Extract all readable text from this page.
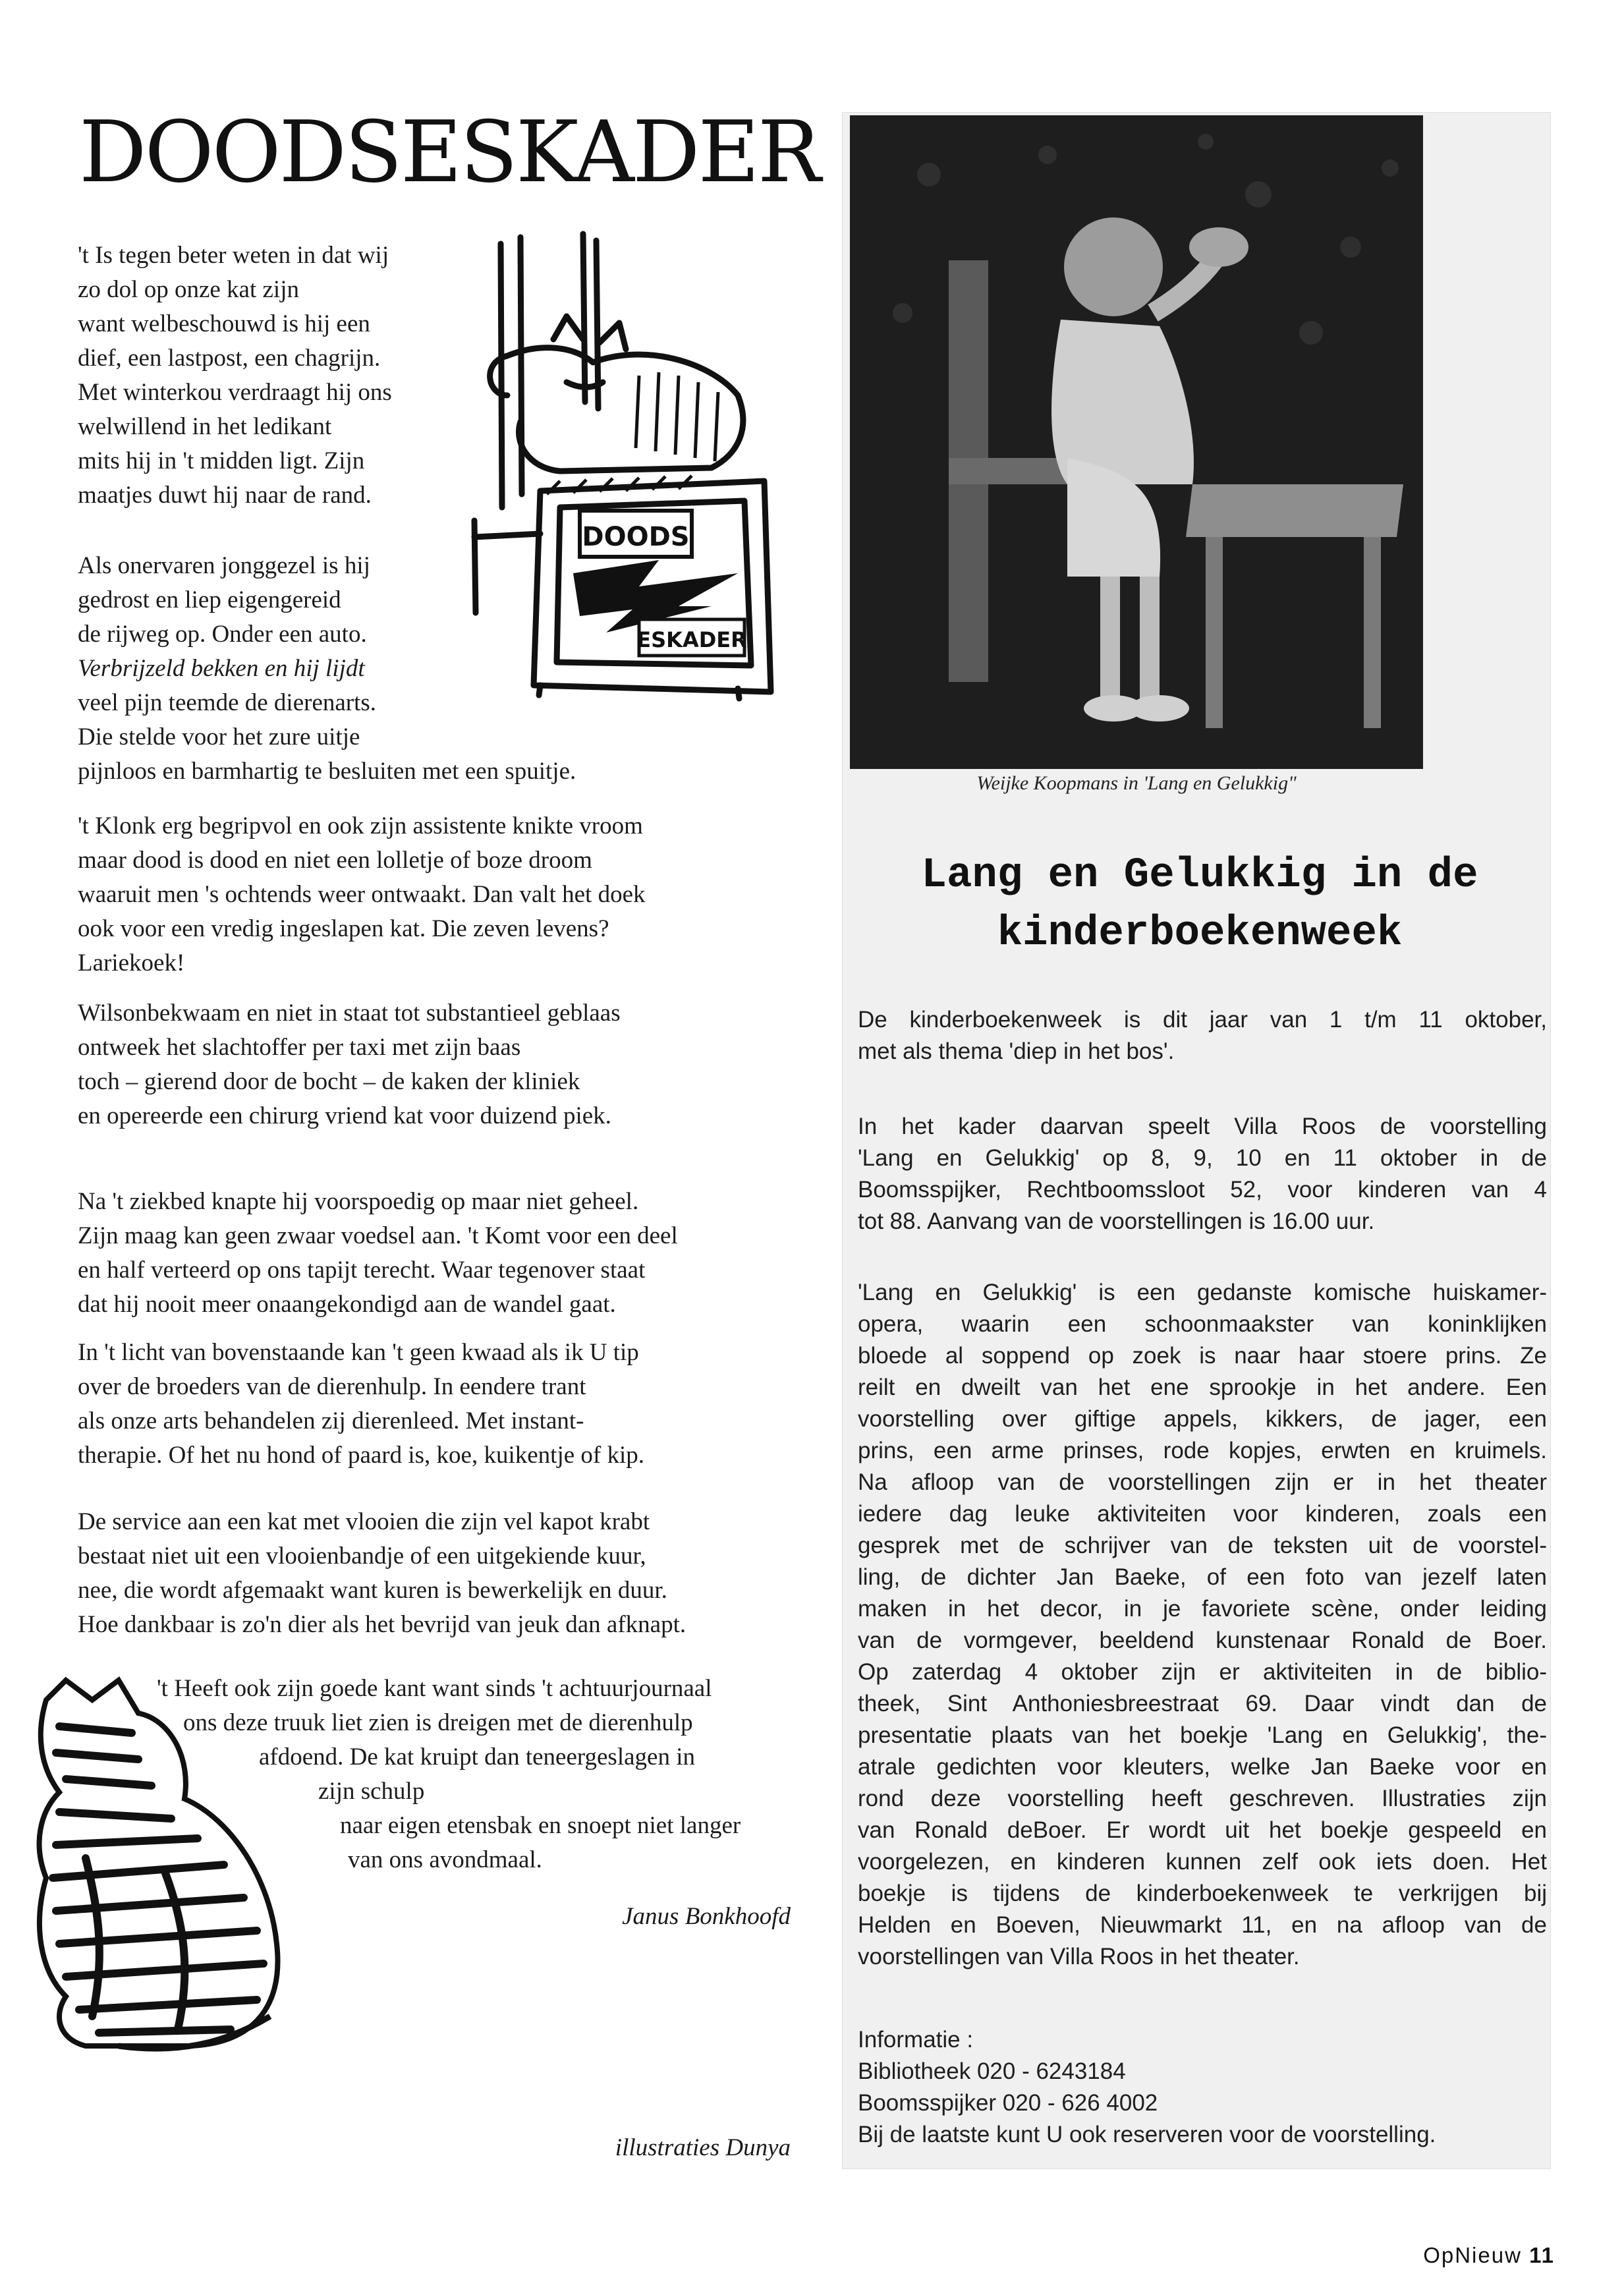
DOODSESKADER
DOODS
ESKADER
't Is tegen beter weten in dat wij
zo dol op onze kat zijn
want welbeschouwd is hij een
dief, een lastpost, een chagrijn.
Met winterkou verdraagt hij ons
welwillend in het ledikant
mits hij in 't midden ligt. Zijn
maatjes duwt hij naar de rand.
Als onervaren jonggezel is hij
gedrost en liep eigengereid
de rijweg op. Onder een auto.
Verbrijzeld bekken en hij lijdt
veel pijn teemde de dierenarts.
Die stelde voor het zure uitje
pijnloos en barmhartig te besluiten met een spuitje.
't Klonk erg begripvol en ook zijn assistente knikte vroom
maar dood is dood en niet een lolletje of boze droom
waaruit men 's ochtends weer ontwaakt. Dan valt het doek
ook voor een vredig ingeslapen kat. Die zeven levens?
Lariekoek!
Wilsonbekwaam en niet in staat tot substantieel geblaas
ontweek het slachtoffer per taxi met zijn baas
toch – gierend door de bocht – de kaken der kliniek
en opereerde een chirurg vriend kat voor duizend piek.
Na 't ziekbed knapte hij voorspoedig op maar niet geheel.
Zijn maag kan geen zwaar voedsel aan. 't Komt voor een deel
en half verteerd op ons tapijt terecht. Waar tegenover staat
dat hij nooit meer onaangekondigd aan de wandel gaat.
In 't licht van bovenstaande kan 't geen kwaad als ik U tip
over de broeders van de dierenhulp. In eendere trant
als onze arts behandelen zij dierenleed. Met instant-
therapie. Of het nu hond of paard is, koe, kuikentje of kip.
De service aan een kat met vlooien die zijn vel kapot krabt
bestaat niet uit een vlooienbandje of een uitgekiende kuur,
nee, die wordt afgemaakt want kuren is bewerkelijk en duur.
Hoe dankbaar is zo'n dier als het bevrijd van jeuk dan afknapt.
't Heeft ook zijn goede kant want sinds 't achtuurjournaal
ons deze truuk liet zien is dreigen met de dierenhulp
afdoend. De kat kruipt dan teneergeslagen in
zijn schulp
naar eigen etensbak en snoept niet langer
van ons avondmaal.
Janus Bonkhoofd
illustraties Dunya
Weijke Koopmans in 'Lang en Gelukkig"
Lang en Gelukkig in de
kinderboekenweek
De kinderboekenweek is dit jaar van 1 t/m 11 oktober,
met als thema 'diep in het bos'.
In het kader daarvan speelt Villa Roos de voorstelling
'Lang en Gelukkig' op 8, 9, 10 en 11 oktober in de
Boomsspijker, Rechtboomssloot 52, voor kinderen van 4
tot 88. Aanvang van de voorstellingen is 16.00 uur.
'Lang en Gelukkig' is een gedanste komische huiskamer-
opera, waarin een schoonmaakster van koninklijken
bloede al soppend op zoek is naar haar stoere prins. Ze
reilt en dweilt van het ene sprookje in het andere. Een
voorstelling over giftige appels, kikkers, de jager, een
prins, een arme prinses, rode kopjes, erwten en kruimels.
Na afloop van de voorstellingen zijn er in het theater
iedere dag leuke aktiviteiten voor kinderen, zoals een
gesprek met de schrijver van de teksten uit de voorstel-
ling, de dichter Jan Baeke, of een foto van jezelf laten
maken in het decor, in je favoriete scène, onder leiding
van de vormgever, beeldend kunstenaar Ronald de Boer.
Op zaterdag 4 oktober zijn er aktiviteiten in de biblio-
theek, Sint Anthoniesbreestraat 69. Daar vindt dan de
presentatie plaats van het boekje 'Lang en Gelukkig', the-
atrale gedichten voor kleuters, welke Jan Baeke voor en
rond deze voorstelling heeft geschreven. Illustraties zijn
van Ronald deBoer. Er wordt uit het boekje gespeeld en
voorgelezen, en kinderen kunnen zelf ook iets doen. Het
boekje is tijdens de kinderboekenweek te verkrijgen bij
Helden en Boeven, Nieuwmarkt 11, en na afloop van de
voorstellingen van Villa Roos in het theater.
Informatie :
Bibliotheek 020 - 6243184
Boomsspijker 020 - 626 4002
Bij de laatste kunt U ook reserveren voor de voorstelling.
OpNieuw 11
